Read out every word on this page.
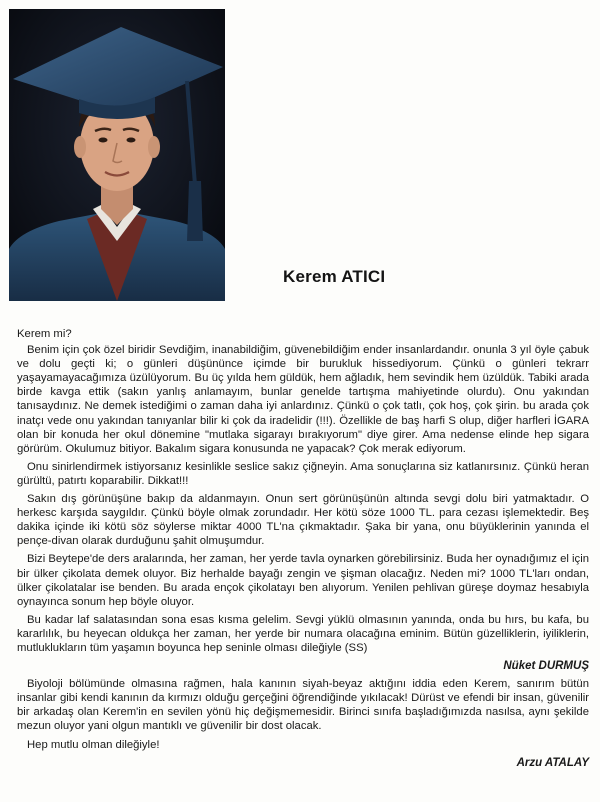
Kerem ATICI

Kerem mi?

Benim için çok özel biridir Sevdiğim, inanabildiğim, güvenebildiğim ender insanlardandır. onunla 3 yıl öyle çabuk ve dolu geçti ki; o günleri düşününce içimde bir burukluk hissediyorum. Çünkü o günleri tekrarr yaşayamayacağımıza üzülüyorum. Bu üç yılda hem güldük, hem ağladık, hem sevindik hem üzüldük. Tabiki arada birde kavga ettik (sakın yanlış anlamayım, bunlar genelde tartışma mahiyetinde olurdu). Onu yakından tanısaydınız. Ne demek istediğimi o zaman daha iyi anlardınız. Çünkü o çok tatlı, çok hoş, çok şirin. bu arada çok inatçı vede onu yakından tanıyanlar bilir ki çok da iradelidir (!!!). Özellikle de baş harfi S olup, diğer harfleri İGARA olan bir konuda her okul dönemine "mutlaka sigarayı bırakıyorum" diye girer. Ama nedense elinde hep sigara görürüm. Okulumuz bitiyor. Bakalım sigara konusunda ne yapacak? Çok merak ediyorum.

Onu sinirlendirmek istiyorsanız kesinlikle seslice sakız çiğneyin. Ama sonuçlarına siz katlanırsınız. Çünkü heran gürültü, patırtı koparabilir. Dikkat!!!

Sakın dış görünüşüne bakıp da aldanmayın. Onun sert görünüşünün altında sevgi dolu biri yatmaktadır. O herkesc karşıda saygıldır. Çünkü böyle olmak zorundadır. Her kötü söze 1000 TL. para cezası işlemektedir. Beş dakika içinde iki kötü söz söylerse miktar 4000 TL'na çıkmaktadır. Şaka bir yana, onu büyüklerinin yanında el pençe-divan olarak durduğunu şahit olmuşumdur.

Bizi Beytepe'de ders aralarında, her zaman, her yerde tavla oynarken görebilirsiniz. Buda her oynadığımız el için bir ülker çikolata demek oluyor. Biz herhalde bayağı zengin ve şişman olacağız. Neden mi? 1000 TL'ları ondan, ülker çikolatalar ise benden. Bu arada ençok çikolatayı ben alıyorum. Yenilen pehlivan güreşe doymaz hesabıyla oynayınca sonum hep böyle oluyor.

Bu kadar laf salatasından sona esas kısma gelelim. Sevgi yüklü olmasının yanında, onda bu hırs, bu kafa, bu kararlılık, bu heyecan oldukça her zaman, her yerde bir numara olacağına eminim. Bütün güzelliklerin, iyiliklerin, mutluklukların tüm yaşamın boyunca hep seninle olması dileğiyle (SS)

Nüket DURMUŞ

Biyoloji bölümünde olmasına rağmen, hala kanının siyah-beyaz aktığını iddia eden Kerem, sanırım bütün insanlar gibi kendi kanının da kırmızı olduğu gerçeğini öğrendiğinde yıkılacak! Dürüst ve efendi bir insan, güvenilir bir arkadaş olan Kerem'in en sevilen yönü hiç değişmemesidir. Birinci sınıfa başladığımızda nasılsa, aynı şekilde mezun oluyor yani olgun mantıklı ve güvenilir bir dost olacak.

Hep mutlu olman dileğiyle!

Arzu ATALAY
